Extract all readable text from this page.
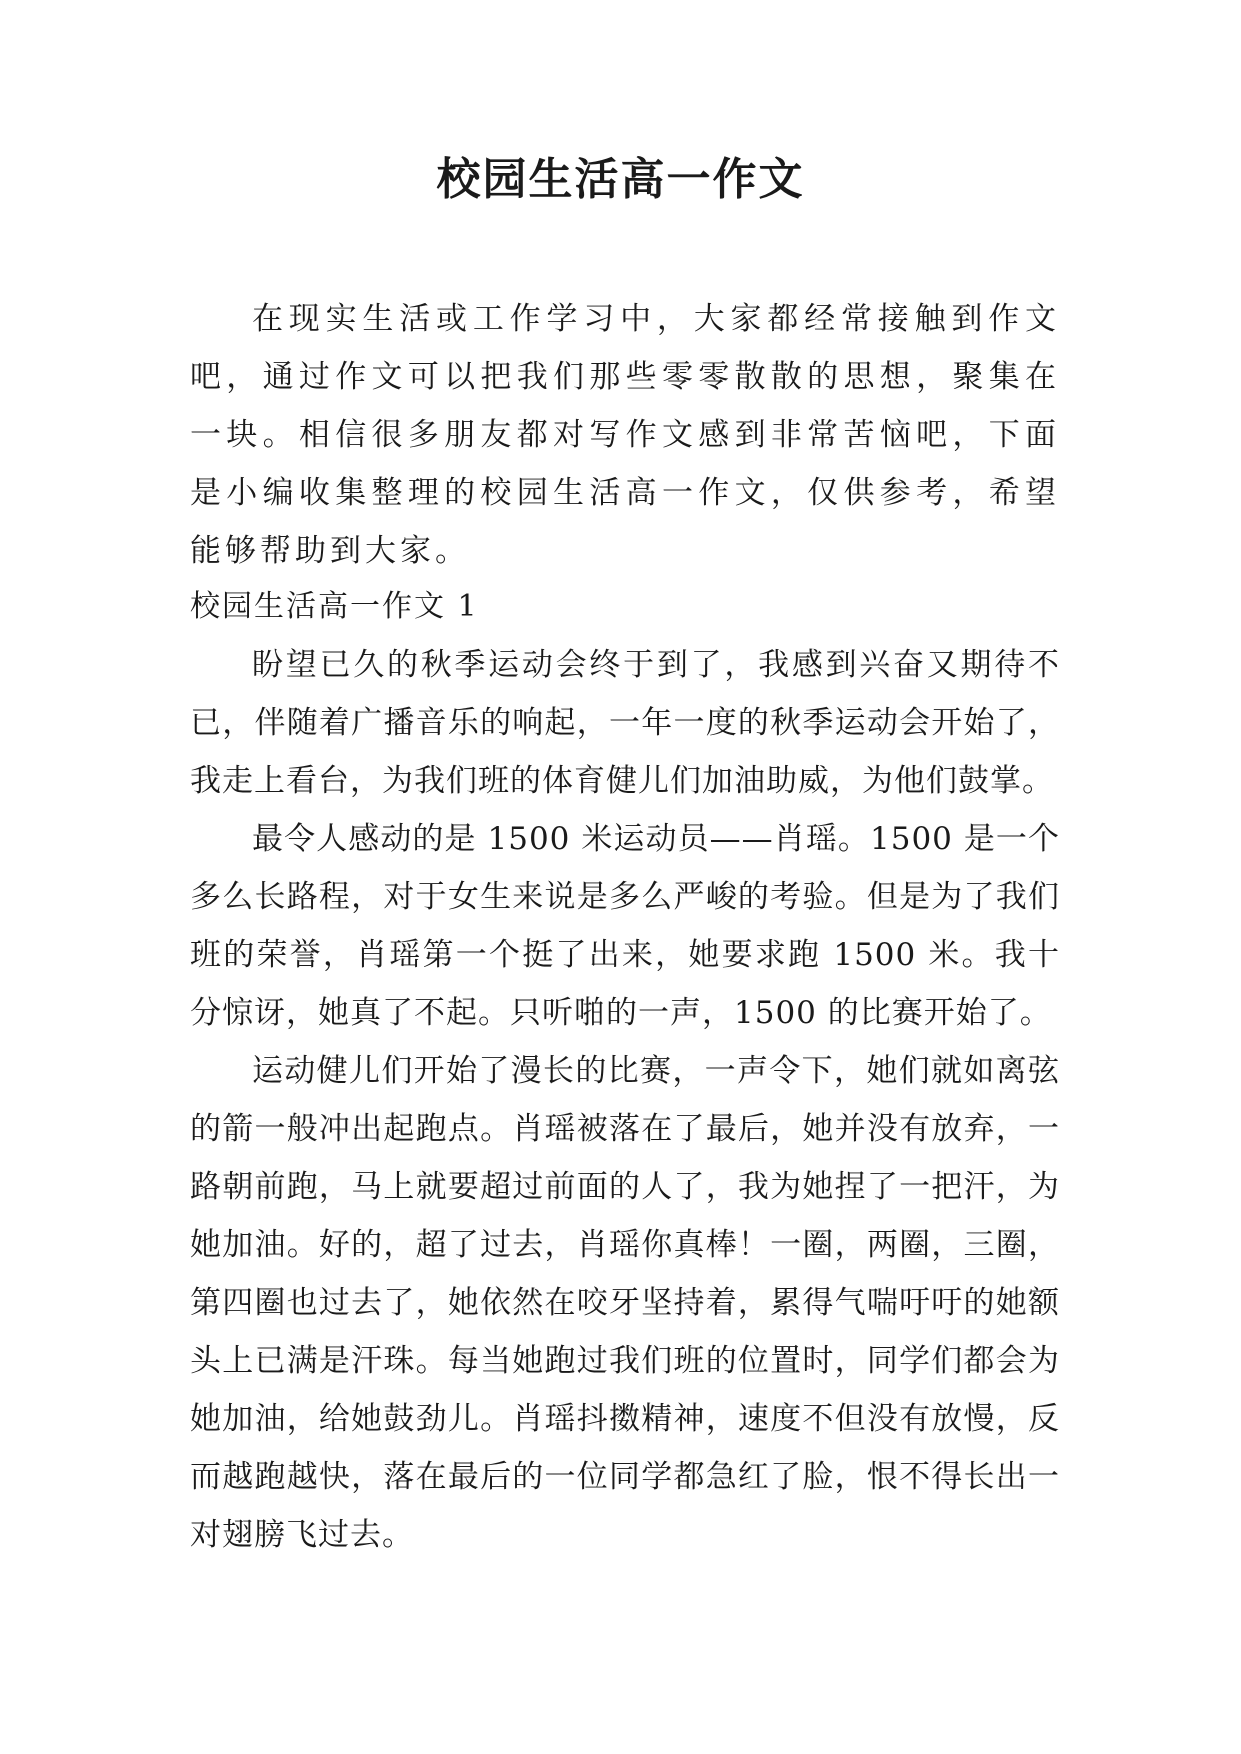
校园生活高一作文

在现实生活或工作学习中，大家都经常接触到作文吧，通过作文可以把我们那些零零散散的思想，聚集在一块。相信很多朋友都对写作文感到非常苦恼吧，下面是小编收集整理的校园生活高一作文，仅供参考，希望能够帮助到大家。

校园生活高一作文 1

盼望已久的秋季运动会终于到了，我感到兴奋又期待不已，伴随着广播音乐的响起，一年一度的秋季运动会开始了，我走上看台，为我们班的体育健儿们加油助威，为他们鼓掌。

最令人感动的是 1500 米运动员——肖瑶。1500 是一个多么长路程，对于女生来说是多么严峻的考验。但是为了我们班的荣誉，肖瑶第一个挺了出来，她要求跑 1500 米。我十分惊讶，她真了不起。只听啪的一声，1500 的比赛开始了。

运动健儿们开始了漫长的比赛，一声令下，她们就如离弦的箭一般冲出起跑点。肖瑶被落在了最后，她并没有放弃，一路朝前跑，马上就要超过前面的人了，我为她捏了一把汗，为她加油。好的，超了过去，肖瑶你真棒！一圈，两圈，三圈，第四圈也过去了，她依然在咬牙坚持着，累得气喘吁吁的她额头上已满是汗珠。每当她跑过我们班的位置时，同学们都会为她加油，给她鼓劲儿。肖瑶抖擞精神，速度不但没有放慢，反而越跑越快，落在最后的一位同学都急红了脸，恨不得长出一对翅膀飞过去。
